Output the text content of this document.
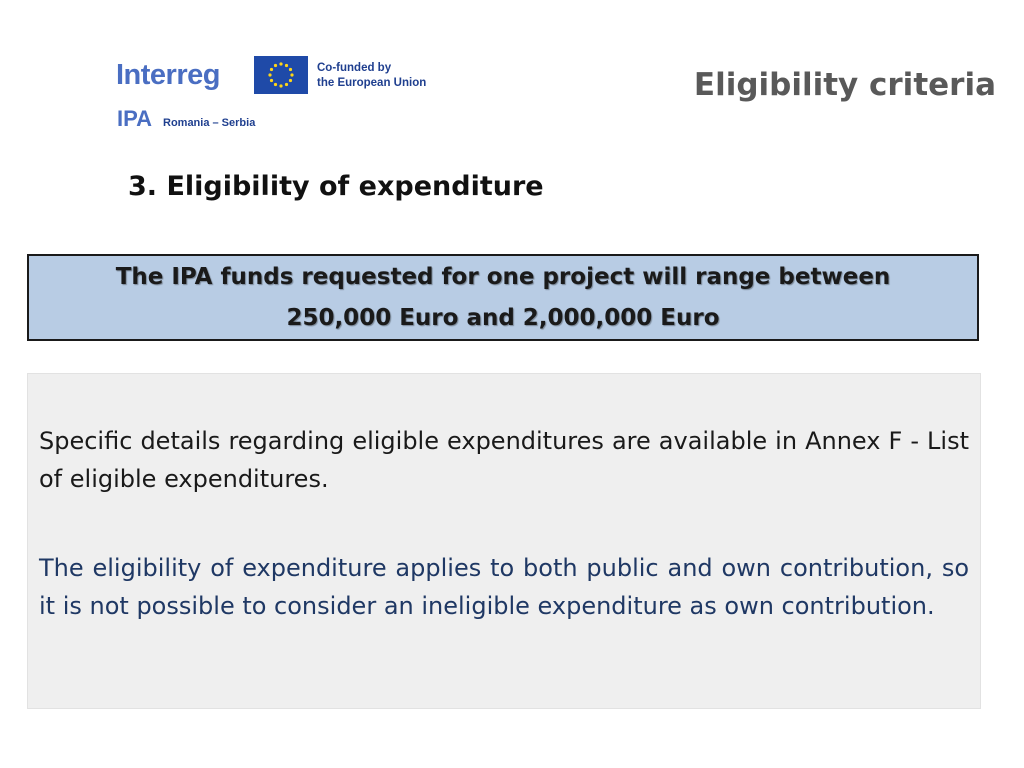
Interreg	Co-funded by
the European Union
IPA Romania – Serbia
Eligibility criteria
3. Eligibility of expenditure
The IPA funds requested for one project will range between
250,000 Euro and 2,000,000 Euro

Specific details regarding eligible expenditures are available in Annex F - List of eligible expenditures.

The eligibility of expenditure applies to both public and own contribution, so it is not possible to consider an ineligible expenditure as own contribution.
